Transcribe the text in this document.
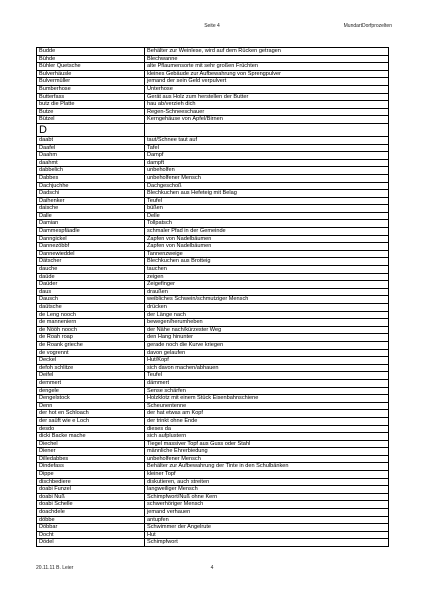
Seite 4	MundartDorfprozelten
Budde	Behälter zur Weinlese, wird auf dem Rücken getragen
Bühde	Blechwanne
Bühler Quetsche	alte Pflaumensorte mit sehr großen Früchten
Bulverhäusle	kleines Gebäude zur Aufbewahrung von Sprengpulver
Bulvermüller	jemand der sein Geld verpulvert
Bumberhose	Unterhose
Butterfass	Gerät aus Holz zum herstellen der Butter
butz die Platte	hau ab/verzieh dich
Butze	Regen-Schneeschauer
Bützel	Kerngehäuse von Äpfel/Birnen
D	
daabt	taut/Schnee taut auf
Daafel	Tafel
Daahm	Dampf
daahmt	dampft
dabbelich	unbeholfen
Dabbes	unbeholfener Mensch
Dachjuchhe	Dachgeschoß
Dadschi	Blechkuchen aus Hefeteig mit Belag
Daihenker	Teufel
daische	büßen
Dalle	Delle
Damian	Tollpatsch
Dammespfäadle	schmaler Pfad in der Gemeinde
Danngickel	Zapfen von Nadelbäumen
Dannezöbbf	Zapfen von Nadelbäumen
Dannewieddel	Tannenzweige
Dätscher	Blechkuchen aus Brotteig
dauche	tauchen
daüde	zeigen
Daüder	Zeigefinger
daus	draußen
Dausch	weibliches Schwein/schmutziger Mensch
daütsche	drücken
de Leng nooch	der Länge nach
de manneniern	bewegen/herumheben
de Nööh nooch	der Nähe nach/kürzester Weg
de Roah roap	den Hang hinunter
de Roank grieche	gerade noch die Kurve kriegen
de vogrennt	davon gelaufen
Deckel	Hut/Kopf
defoh schlitze	sich davon machen/abhauen
Deifel	Teufel
demmert	dämmert
dengele	Sense schärfen
Dengelstock	Holzklotz mit einem Stück Eisenbahnschiene
Denn	Scheunentenne
der hot en Schloach	der hat etwas am Kopf
der saüft wie e Loch	der trinkt ohne Ende
desdo	dieses da
dicki Backe mache	sich aufplustern
Diechel	Tiegel massiver Topf aus Guss oder Stahl
Diener	männliche Ehrerbiedung
Dilledabbes	unbeholfener Mensch
Dindefass	Behälter zur Aufbewahrung der Tinte in den Schulbänken
Dippe	kleiner Topf
dischbediere	diskutieren, auch streiten
doabi Funzel	langweiliger Mensch
doabi Nuß	Schimpfwort/Nuß ohne Kern
doabi Schelle	schwerhöriger Mensch
doachdele	jemand verhauen
döbbe	antupfen
Döbbar	Schwimmer der Angelrute
Docht	Hut
Dödel	Schimpfwort
20.11.11 B. Leier	4
